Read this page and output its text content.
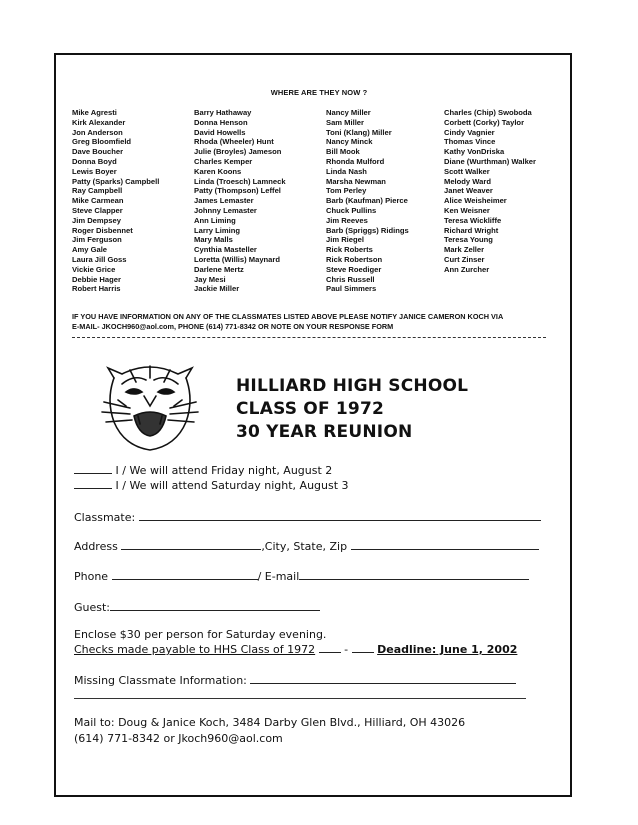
WHERE ARE THEY NOW ?
Mike Agresti
Kirk Alexander
Jon Anderson
Greg Bloomfield
Dave Boucher
Donna Boyd
Lewis Boyer
Patty (Sparks) Campbell
Ray Campbell
Mike Carmean
Steve Clapper
Jim Dempsey
Roger Disbennet
Jim Ferguson
Amy Gale
Laura Jill Goss
Vickie Grice
Debbie Hager
Robert Harris
Barry Hathaway
Donna Henson
David Howells
Rhoda (Wheeler) Hunt
Julie (Broyles) Jameson
Charles Kemper
Karen Koons
Linda (Troesch) Lamneck
Patty (Thompson) Leffel
James Lemaster
Johnny Lemaster
Ann Liming
Larry Liming
Mary Malls
Cynthia Masteller
Loretta (Willis) Maynard
Darlene Mertz
Jay Mesi
Jackie Miller
Nancy Miller
Sam Miller
Toni (Klang) Miller
Nancy Minck
Bill Mook
Rhonda Mulford
Linda Nash
Marsha Newman
Tom Perley
Barb (Kaufman) Pierce
Chuck Pullins
Jim Reeves
Barb (Spriggs) Ridings
Jim Riegel
Rick Roberts
Rick Robertson
Steve Roediger
Chris Russell
Paul Simmers
Charles (Chip) Swoboda
Corbett (Corky) Taylor
Cindy Vagnier
Thomas Vince
Kathy VonDriska
Diane (Wurthman) Walker
Scott Walker
Melody Ward
Janet Weaver
Alice Weisheimer
Ken Weisner
Teresa Wickliffe
Richard Wright
Teresa Young
Mark Zeller
Curt Zinser
Ann Zurcher
IF YOU HAVE INFORMATION ON ANY OF THE CLASSMATES LISTED ABOVE PLEASE NOTIFY JANICE CAMERON KOCH VIA
E-MAIL- JKOCH960@aol.com, PHONE (614) 771-8342 OR NOTE ON YOUR RESPONSE FORM
HILLIARD HIGH SCHOOL
CLASS OF 1972
30 YEAR REUNION
I / We will attend Friday night, August 2
I / We will attend Saturday night, August 3
Classmate:
Address	,City, State, Zip
Phone	/ E-mail
Guest:
Enclose $30 per person for Saturday evening.
Checks made payable to HHS Class of 1972	-	Deadline: June 1, 2002
Missing Classmate Information:
Mail to: Doug & Janice Koch, 3484 Darby Glen Blvd., Hilliard, OH 43026
(614) 771-8342 or Jkoch960@aol.com
